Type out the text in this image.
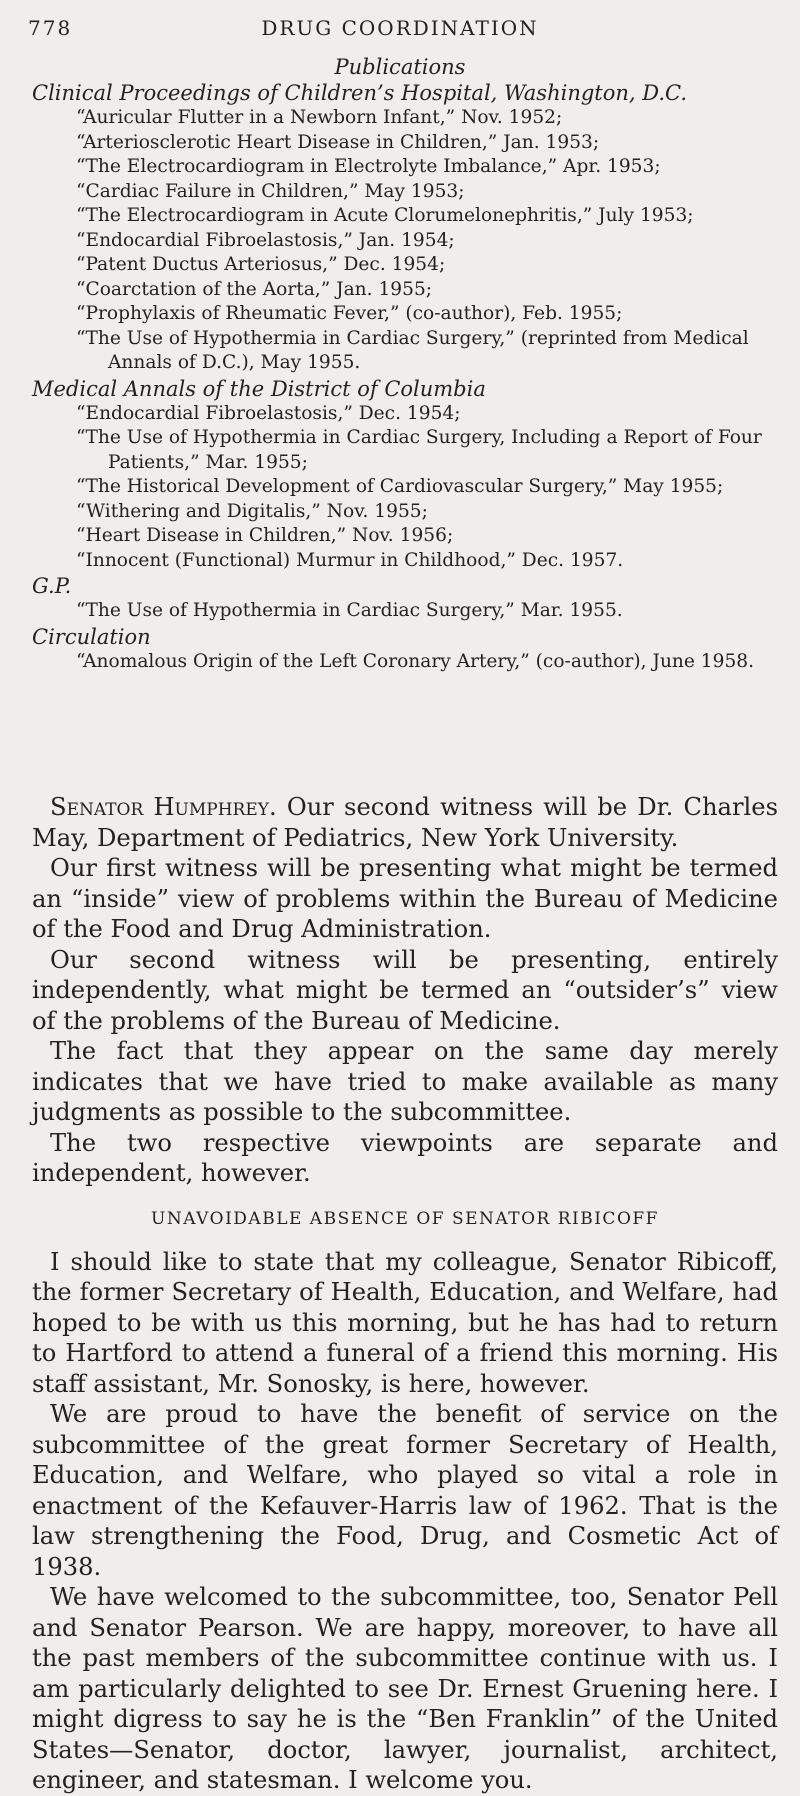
778	DRUG COORDINATION
Publications

Clinical Proceedings of Children’s Hospital, Washington, D.C.

“Auricular Flutter in a Newborn Infant,” Nov. 1952;

“Arteriosclerotic Heart Disease in Children,” Jan. 1953;

“The Electrocardiogram in Electrolyte Imbalance,” Apr. 1953;

“Cardiac Failure in Children,” May 1953;

“The Electrocardiogram in Acute Clorumelonephritis,” July 1953;

“Endocardial Fibroelastosis,” Jan. 1954;

“Patent Ductus Arteriosus,” Dec. 1954;

“Coarctation of the Aorta,” Jan. 1955;

“Prophylaxis of Rheumatic Fever,” (co-author), Feb. 1955;

“The Use of Hypothermia in Cardiac Surgery,” (reprinted from Medical
Annals of D.C.), May 1955.

Medical Annals of the District of Columbia

“Endocardial Fibroelastosis,” Dec. 1954;

“The Use of Hypothermia in Cardiac Surgery, Including a Report of Four
Patients,” Mar. 1955;

“The Historical Development of Cardiovascular Surgery,” May 1955;

“Withering and Digitalis,” Nov. 1955;

“Heart Disease in Children,” Nov. 1956;

“Innocent (Functional) Murmur in Childhood,” Dec. 1957.

G.P.

“The Use of Hypothermia in Cardiac Surgery,” Mar. 1955.

Circulation

“Anomalous Origin of the Left Coronary Artery,” (co-author), June 1958.

Senator Humphrey. Our second witness will be Dr. Charles May, Department of Pediatrics, New York University.

Our first witness will be presenting what might be termed an “inside” view of problems within the Bureau of Medicine of the Food and Drug Administration.

Our second witness will be presenting, entirely independently, what might be termed an “outsider’s” view of the problems of the Bureau of Medicine.

The fact that they appear on the same day merely indicates that we have tried to make available as many judgments as possible to the subcommittee.

The two respective viewpoints are separate and independent, however.

UNAVOIDABLE ABSENCE OF SENATOR RIBICOFF

I should like to state that my colleague, Senator Ribicoff, the former Secretary of Health, Education, and Welfare, had hoped to be with us this morning, but he has had to return to Hartford to attend a funeral of a friend this morning. His staff assistant, Mr. Sonosky, is here, however.

We are proud to have the benefit of service on the subcommittee of the great former Secretary of Health, Education, and Welfare, who played so vital a role in enactment of the Kefauver-Harris law of 1962. That is the law strengthening the Food, Drug, and Cosmetic Act of 1938.

We have welcomed to the subcommittee, too, Senator Pell and Senator Pearson. We are happy, moreover, to have all the past members of the subcommittee continue with us. I am particularly delighted to see Dr. Ernest Gruening here. I might digress to say he is the “Ben Franklin” of the United States—Senator, doctor, lawyer, journalist, architect, engineer, and statesman. I welcome you.
